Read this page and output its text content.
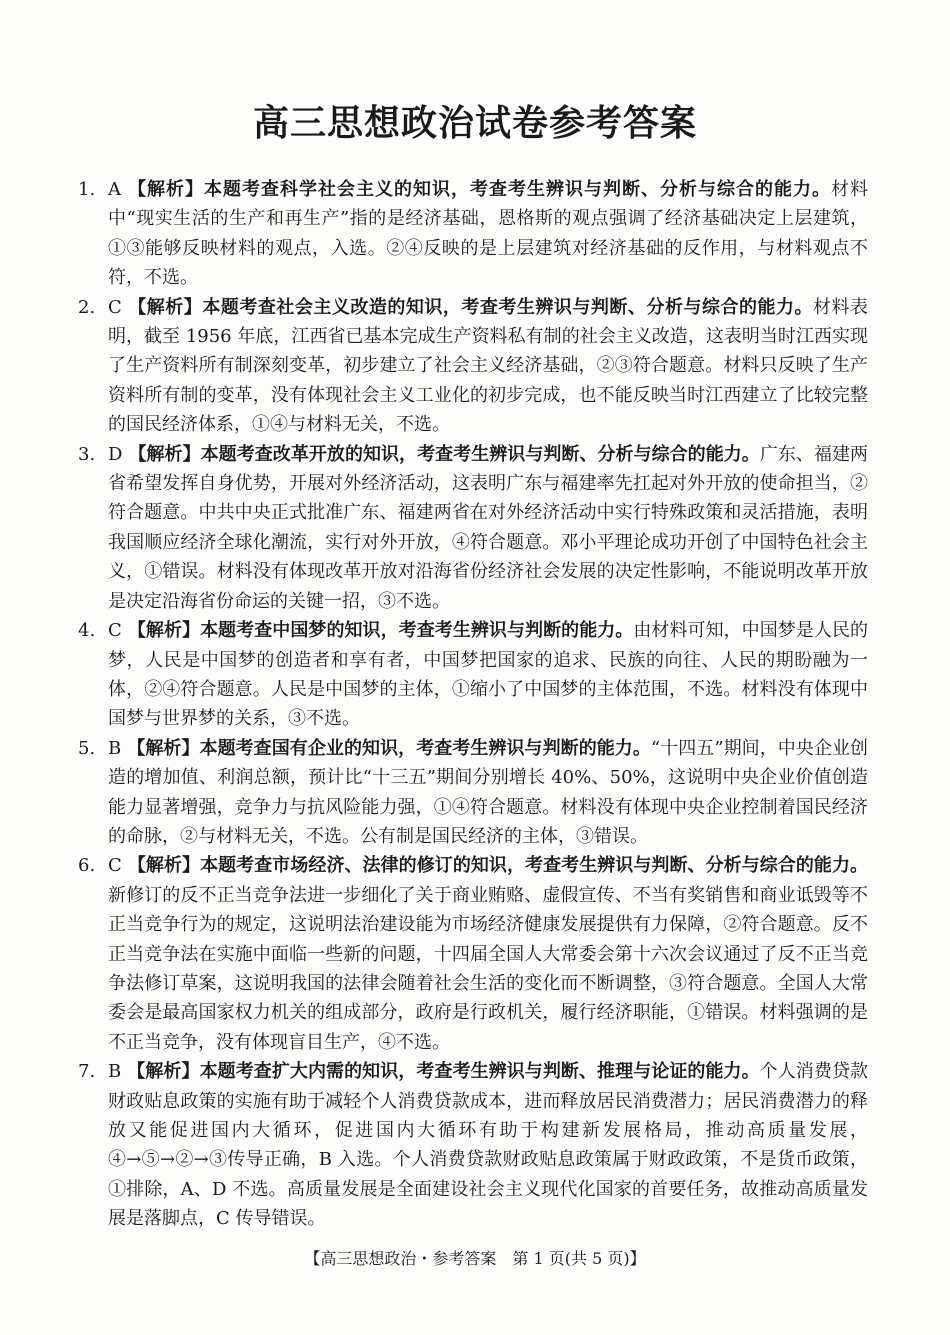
高三思想政治试卷参考答案
1. A 【解析】本题考查科学社会主义的知识，考查考生辨识与判断、分析与综合的能力。材料中“现实生活的生产和再生产”指的是经济基础，恩格斯的观点强调了经济基础决定上层建筑，①③能够反映材料的观点，入选。②④反映的是上层建筑对经济基础的反作用，与材料观点不符，不选。
2. C 【解析】本题考查社会主义改造的知识，考查考生辨识与判断、分析与综合的能力。材料表明，截至 1956 年底，江西省已基本完成生产资料私有制的社会主义改造，这表明当时江西实现了生产资料所有制深刻变革，初步建立了社会主义经济基础，②③符合题意。材料只反映了生产资料所有制的变革，没有体现社会主义工业化的初步完成，也不能反映当时江西建立了比较完整的国民经济体系，①④与材料无关，不选。
3. D 【解析】本题考查改革开放的知识，考查考生辨识与判断、分析与综合的能力。广东、福建两省希望发挥自身优势，开展对外经济活动，这表明广东与福建率先扛起对外开放的使命担当，②符合题意。中共中央正式批准广东、福建两省在对外经济活动中实行特殊政策和灵活措施，表明我国顺应经济全球化潮流，实行对外开放，④符合题意。邓小平理论成功开创了中国特色社会主义，①错误。材料没有体现改革开放对沿海省份经济社会发展的决定性影响，不能说明改革开放是决定沿海省份命运的关键一招，③不选。
4. C 【解析】本题考查中国梦的知识，考查考生辨识与判断的能力。由材料可知，中国梦是人民的梦，人民是中国梦的创造者和享有者，中国梦把国家的追求、民族的向往、人民的期盼融为一体，②④符合题意。人民是中国梦的主体，①缩小了中国梦的主体范围，不选。材料没有体现中国梦与世界梦的关系，③不选。
5. B 【解析】本题考查国有企业的知识，考查考生辨识与判断的能力。“十四五”期间，中央企业创造的增加值、利润总额，预计比“十三五”期间分别增长 40%、50%，这说明中央企业价值创造能力显著增强，竞争力与抗风险能力强，①④符合题意。材料没有体现中央企业控制着国民经济的命脉，②与材料无关，不选。公有制是国民经济的主体，③错误。
6. C 【解析】本题考查市场经济、法律的修订的知识，考查考生辨识与判断、分析与综合的能力。新修订的反不正当竞争法进一步细化了关于商业贿赂、虚假宣传、不当有奖销售和商业诋毁等不正当竞争行为的规定，这说明法治建设能为市场经济健康发展提供有力保障，②符合题意。反不正当竞争法在实施中面临一些新的问题，十四届全国人大常委会第十六次会议通过了反不正当竞争法修订草案，这说明我国的法律会随着社会生活的变化而不断调整，③符合题意。全国人大常委会是最高国家权力机关的组成部分，政府是行政机关，履行经济职能，①错误。材料强调的是不正当竞争，没有体现盲目生产，④不选。
7. B 【解析】本题考查扩大内需的知识，考查考生辨识与判断、推理与论证的能力。个人消费贷款财政贴息政策的实施有助于减轻个人消费贷款成本，进而释放居民消费潜力；居民消费潜力的释放又能促进国内大循环，促进国内大循环有助于构建新发展格局，推动高质量发展，④→⑤→②→③传导正确，B 入选。个人消费贷款财政贴息政策属于财政政策，不是货币政策，①排除，A、D 不选。高质量发展是全面建设社会主义现代化国家的首要任务，故推动高质量发展是落脚点，C 传导错误。
【高三思想政治・参考答案　第 1 页(共 5 页)】
